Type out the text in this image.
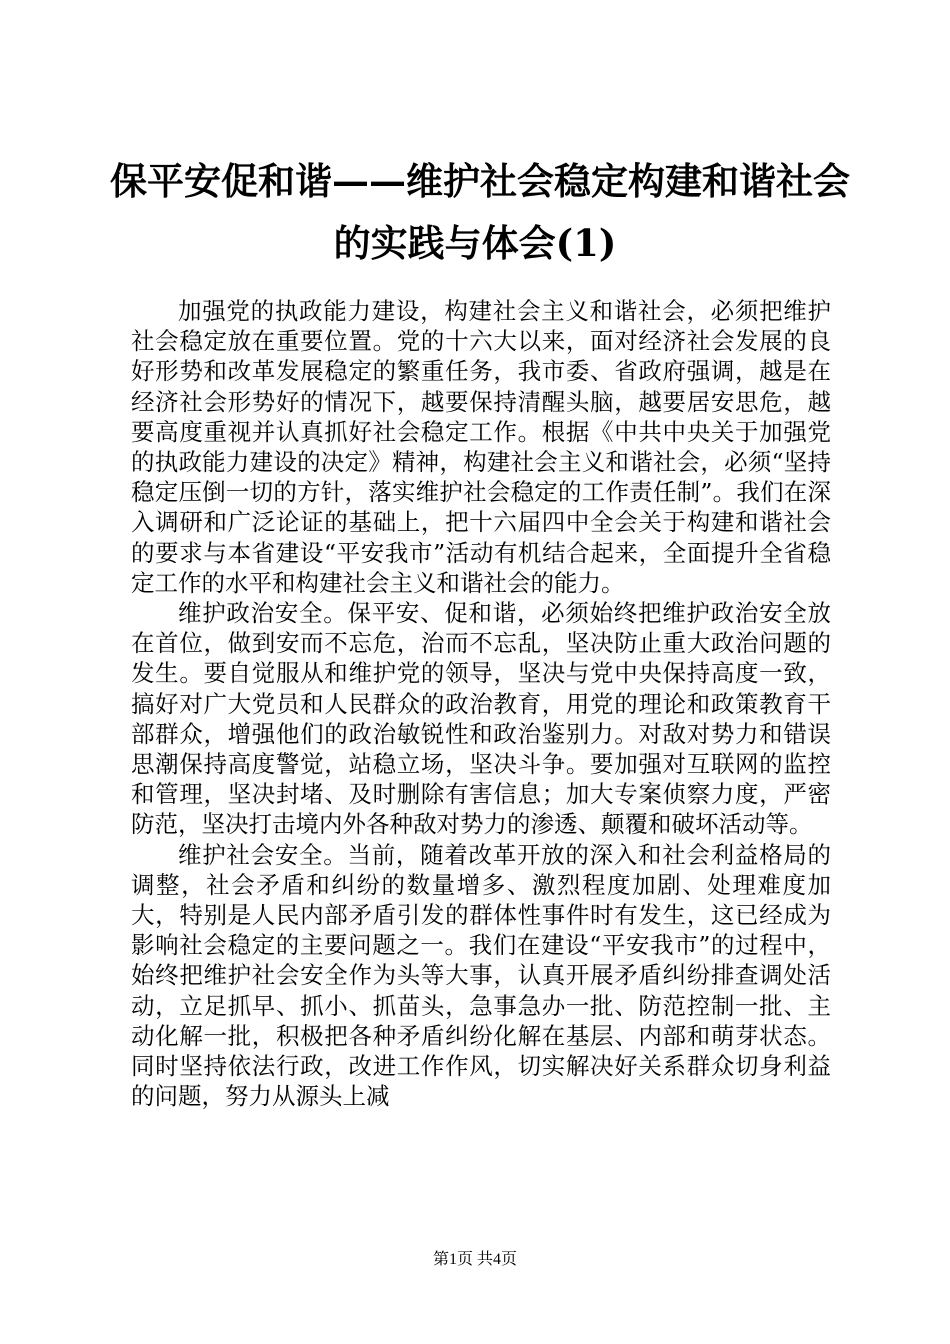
保平安促和谐——维护社会稳定构建和谐社会
的实践与体会(1)

加强党的执政能力建设，构建社会主义和谐社会，必须把维护社会稳定放在重要位置。党的十六大以来，面对经济社会发展的良好形势和改革发展稳定的繁重任务，我市委、省政府强调，越是在经济社会形势好的情况下，越要保持清醒头脑，越要居安思危，越要高度重视并认真抓好社会稳定工作。根据《中共中央关于加强党的执政能力建设的决定》精神，构建社会主义和谐社会，必须“坚持稳定压倒一切的方针，落实维护社会稳定的工作责任制”。我们在深入调研和广泛论证的基础上，把十六届四中全会关于构建和谐社会的要求与本省建设“平安我市”活动有机结合起来，全面提升全省稳定工作的水平和构建社会主义和谐社会的能力。

维护政治安全。保平安、促和谐，必须始终把维护政治安全放在首位，做到安而不忘危，治而不忘乱，坚决防止重大政治问题的发生。要自觉服从和维护党的领导，坚决与党中央保持高度一致，搞好对广大党员和人民群众的政治教育，用党的理论和政策教育干部群众，增强他们的政治敏锐性和政治鉴别力。对敌对势力和错误思潮保持高度警觉，站稳立场，坚决斗争。要加强对互联网的监控和管理，坚决封堵、及时删除有害信息；加大专案侦察力度，严密防范，坚决打击境内外各种敌对势力的渗透、颠覆和破坏活动等。

维护社会安全。当前，随着改革开放的深入和社会利益格局的调整，社会矛盾和纠纷的数量增多、激烈程度加剧、处理难度加大，特别是人民内部矛盾引发的群体性事件时有发生，这已经成为影响社会稳定的主要问题之一。我们在建设“平安我市”的过程中，始终把维护社会安全作为头等大事，认真开展矛盾纠纷排查调处活动，立足抓早、抓小、抓苗头，急事急办一批、防范控制一批、主动化解一批，积极把各种矛盾纠纷化解在基层、内部和萌芽状态。同时坚持依法行政，改进工作作风，切实解决好关系群众切身利益的问题，努力从源头上减

第1页 共4页
